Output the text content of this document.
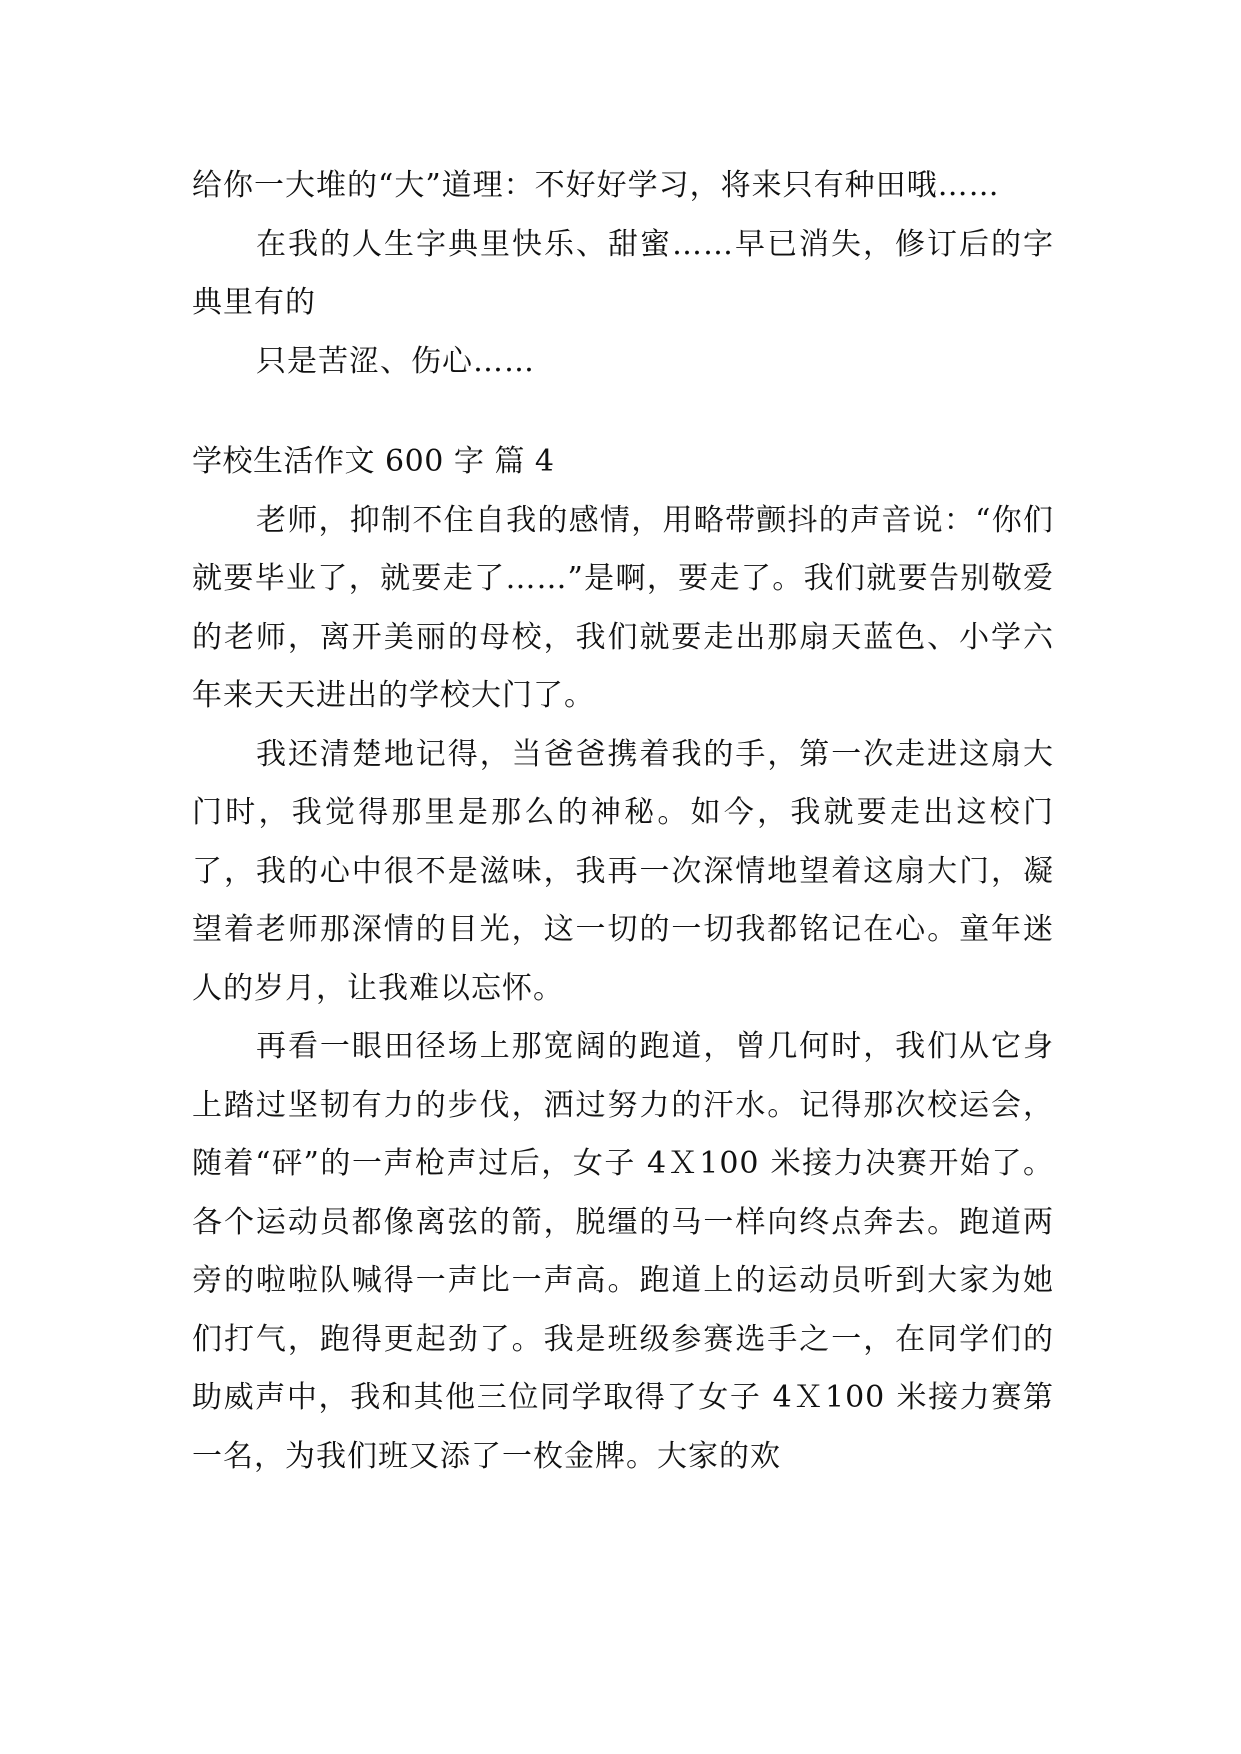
给你一大堆的“大”道理：不好好学习，将来只有种田哦……

在我的人生字典里快乐、甜蜜……早已消失，修订后的字典里有的

只是苦涩、伤心……

学校生活作文 600 字 篇 4

老师，抑制不住自我的感情，用略带颤抖的声音说：“你们就要毕业了，就要走了……”是啊，要走了。我们就要告别敬爱的老师，离开美丽的母校，我们就要走出那扇天蓝色、小学六年来天天进出的学校大门了。

我还清楚地记得，当爸爸携着我的手，第一次走进这扇大门时，我觉得那里是那么的神秘。如今，我就要走出这校门了，我的心中很不是滋味，我再一次深情地望着这扇大门，凝望着老师那深情的目光，这一切的一切我都铭记在心。童年迷人的岁月，让我难以忘怀。

再看一眼田径场上那宽阔的跑道，曾几何时，我们从它身上踏过坚韧有力的步伐，洒过努力的汗水。记得那次校运会，随着“砰”的一声枪声过后，女子 4Ｘ100 米接力决赛开始了。各个运动员都像离弦的箭，脱缰的马一样向终点奔去。跑道两旁的啦啦队喊得一声比一声高。跑道上的运动员听到大家为她们打气，跑得更起劲了。我是班级参赛选手之一，在同学们的助威声中，我和其他三位同学取得了女子 4Ｘ100 米接力赛第一名，为我们班又添了一枚金牌。大家的欢
